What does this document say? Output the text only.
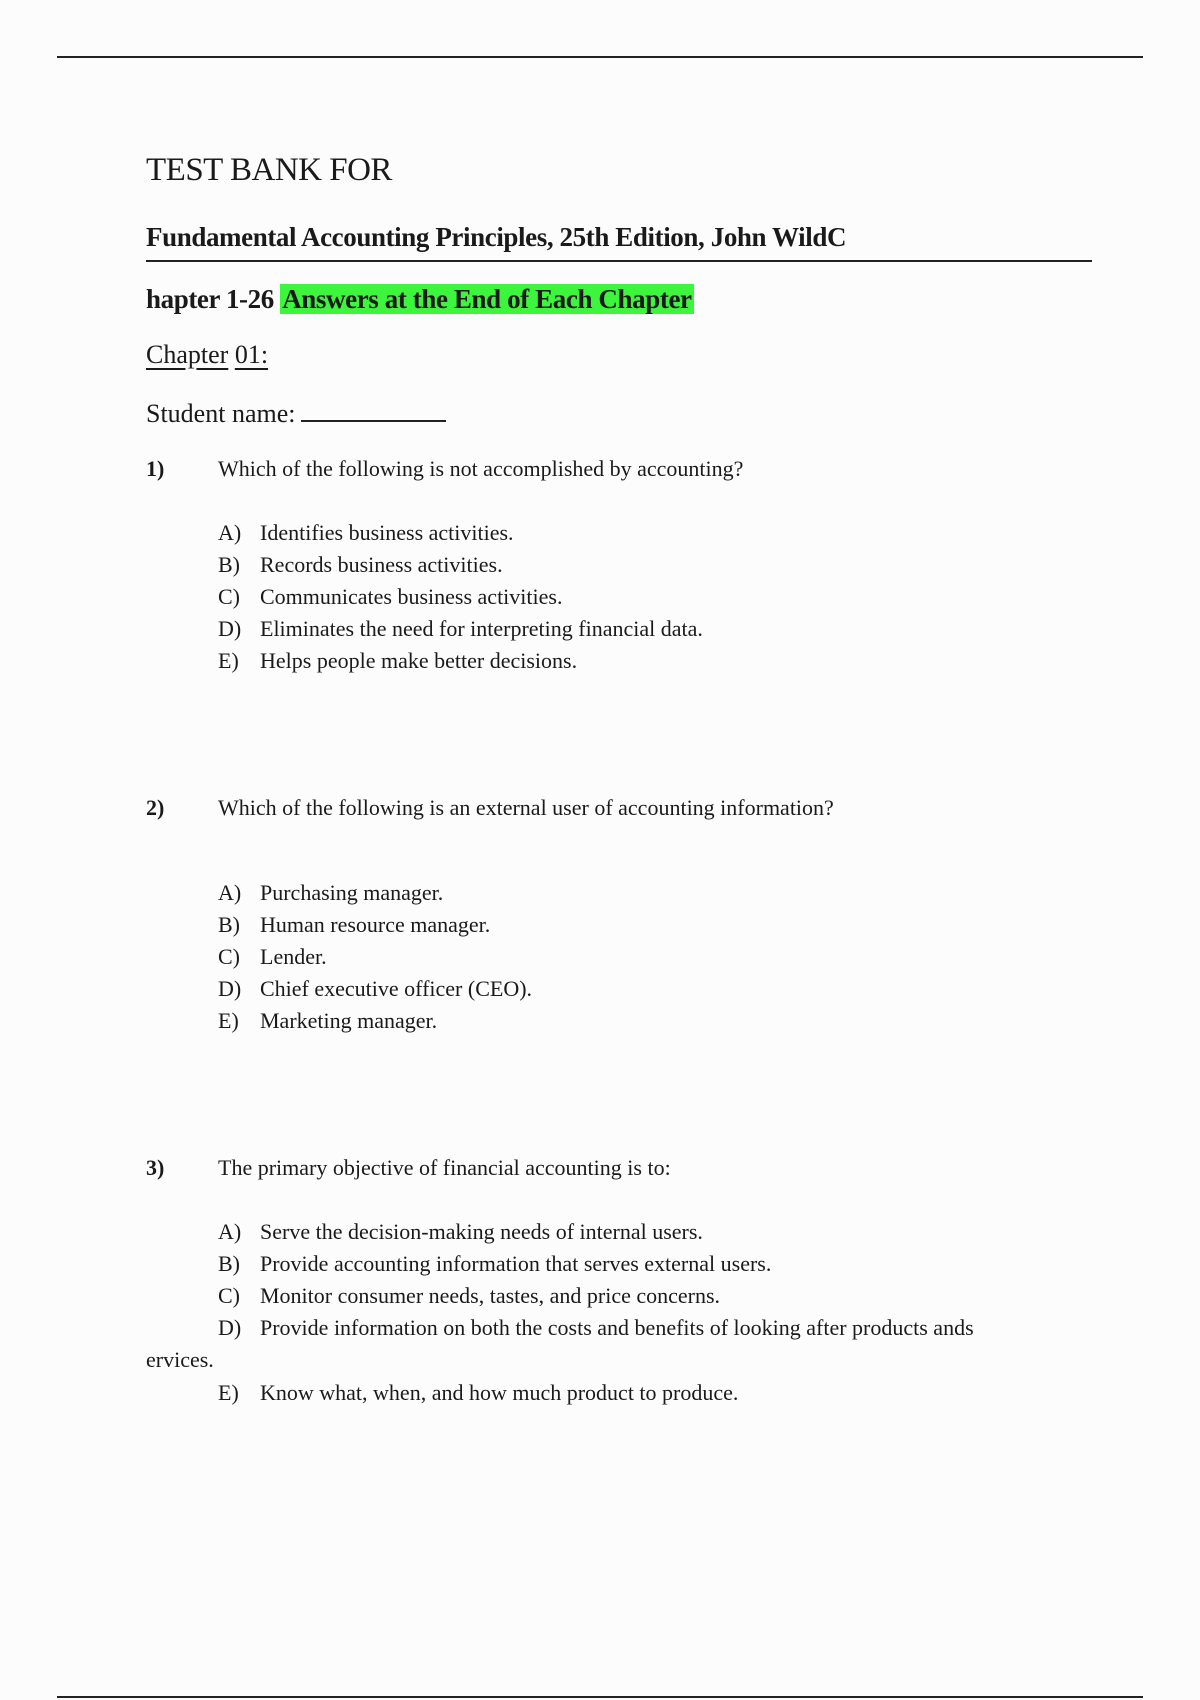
TEST BANK FOR
Fundamental Accounting Principles, 25th Edition, John WildC
hapter 1-26 Answers at the End of Each Chapter
Chapter 01:
Student name:
1) Which of the following is not accomplished by accounting?
A) Identifies business activities.
B) Records business activities.
C) Communicates business activities.
D) Eliminates the need for interpreting financial data.
E) Helps people make better decisions.
2) Which of the following is an external user of accounting information?
A) Purchasing manager.
B) Human resource manager.
C) Lender.
D) Chief executive officer (CEO).
E) Marketing manager.
3) The primary objective of financial accounting is to:
A) Serve the decision-making needs of internal users.
B) Provide accounting information that serves external users.
C) Monitor consumer needs, tastes, and price concerns.
D) Provide information on both the costs and benefits of looking after products ands
ervices.
E) Know what, when, and how much product to produce.
